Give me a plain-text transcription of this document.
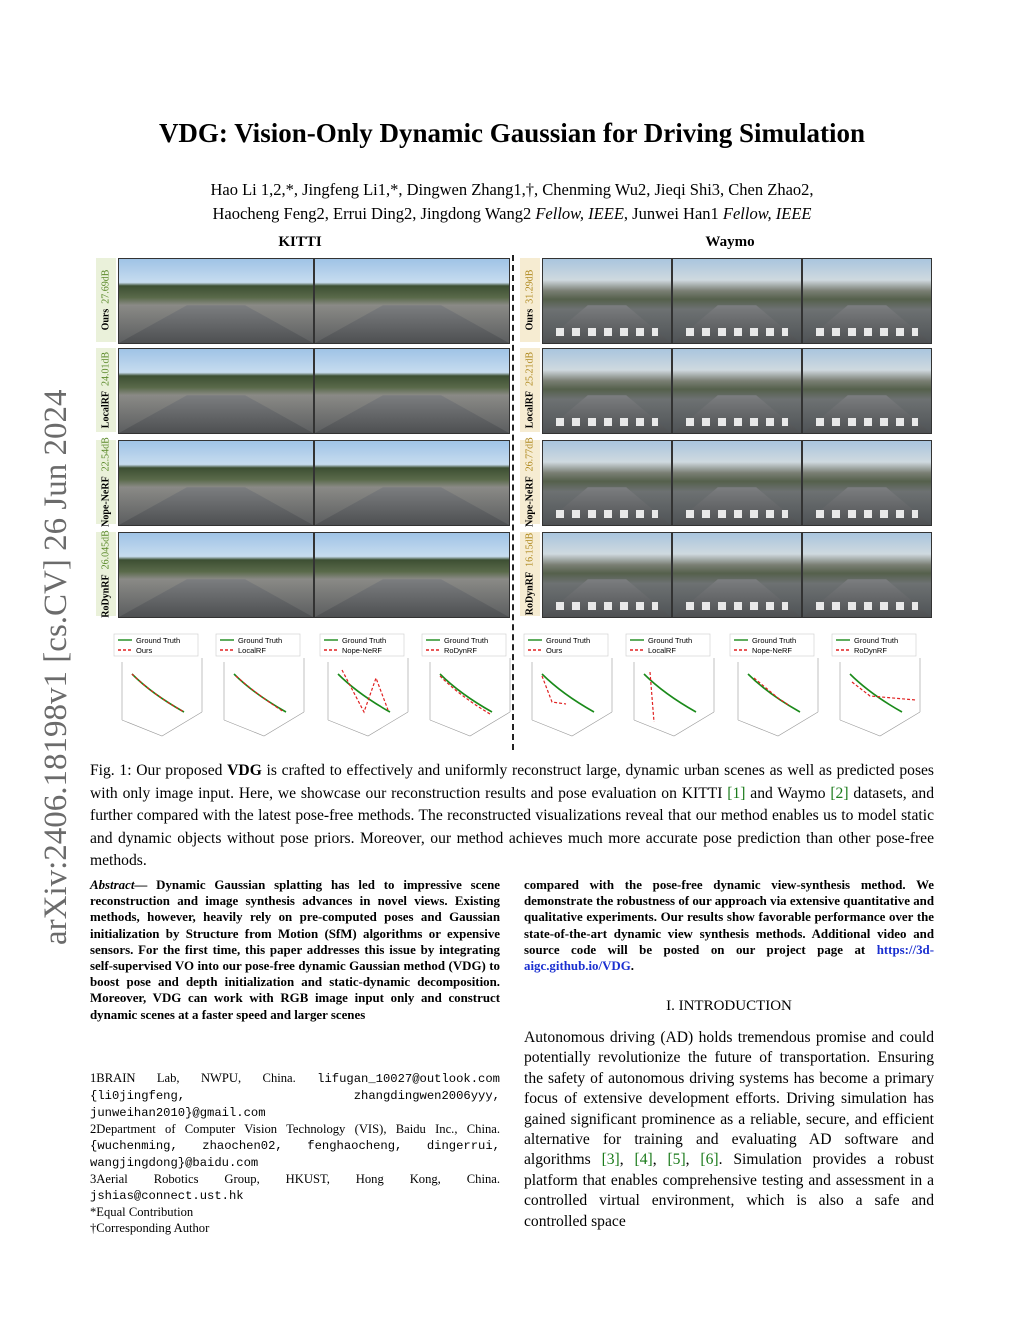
arXiv:2406.18198v1 [cs.CV] 26 Jun 2024
VDG: Vision-Only Dynamic Gaussian for Driving Simulation
Hao Li 1,2,*, Jingfeng Li1,*, Dingwen Zhang1,†, Chenming Wu2, Jieqi Shi3, Chen Zhao2,
Haocheng Feng2, Errui Ding2, Jingdong Wang2 Fellow, IEEE, Junwei Han1 Fellow, IEEE
KITTI	Waymo
Ours27.69dB
LocalRF24.01dB
Nope-NeRF22.54dB
RoDynRF26.045dB
Ours31.29dB
LocalRF25.21dB
Nope-NeRF26.77dB
RoDynRF16.15dB
Ground Truth
Ours
Ground Truth
LocalRF
Ground Truth
Nope-NeRF
Ground Truth
RoDynRF
Ground Truth
Ours
Ground Truth
LocalRF
Ground Truth
Nope-NeRF
Ground Truth
RoDynRF
Fig. 1: Our proposed VDG is crafted to effectively and uniformly reconstruct large, dynamic urban scenes as well as predicted poses with only image input. Here, we showcase our reconstruction results and pose evaluation on KITTI [1] and Waymo [2] datasets, and further compared with the latest pose-free methods. The reconstructed visualizations reveal that our method enables us to model static and dynamic objects without pose priors. Moreover, our method achieves much more accurate pose prediction than other pose-free methods.
Abstract— Dynamic Gaussian splatting has led to impressive scene reconstruction and image synthesis advances in novel views. Existing methods, however, heavily rely on pre-computed poses and Gaussian initialization by Structure from Motion (SfM) algorithms or expensive sensors. For the first time, this paper addresses this issue by integrating self-supervised VO into our pose-free dynamic Gaussian method (VDG) to boost pose and depth initialization and static-dynamic decomposition. Moreover, VDG can work with RGB image input only and construct dynamic scenes at a faster speed and larger scenes
compared with the pose-free dynamic view-synthesis method. We demonstrate the robustness of our approach via extensive quantitative and qualitative experiments. Our results show favorable performance over the state-of-the-art dynamic view synthesis methods. Additional video and source code will be posted on our project page at https://3d-aigc.github.io/VDG.
I. INTRODUCTION
Autonomous driving (AD) holds tremendous promise and could potentially revolutionize the future of transportation. Ensuring the safety of autonomous driving systems has become a primary focus of extensive development efforts. Driving simulation has gained significant prominence as a reliable, secure, and efficient alternative for training and evaluating AD software and algorithms [3], [4], [5], [6]. Simulation provides a robust platform that enables comprehensive testing and assessment in a controlled virtual environment, which is also a safe and controlled space
1BRAIN Lab, NWPU, China. lifugan_10027@outlook.com {li0jingfeng, zhangdingwen2006yyy, junweihan2010}@gmail.com
2Department of Computer Vision Technology (VIS), Baidu Inc., China. {wuchenming, zhaochen02, fenghaocheng, dingerrui, wangjingdong}@baidu.com
3Aerial Robotics Group, HKUST, Hong Kong, China. jshias@connect.ust.hk
*Equal Contribution
†Corresponding Author
